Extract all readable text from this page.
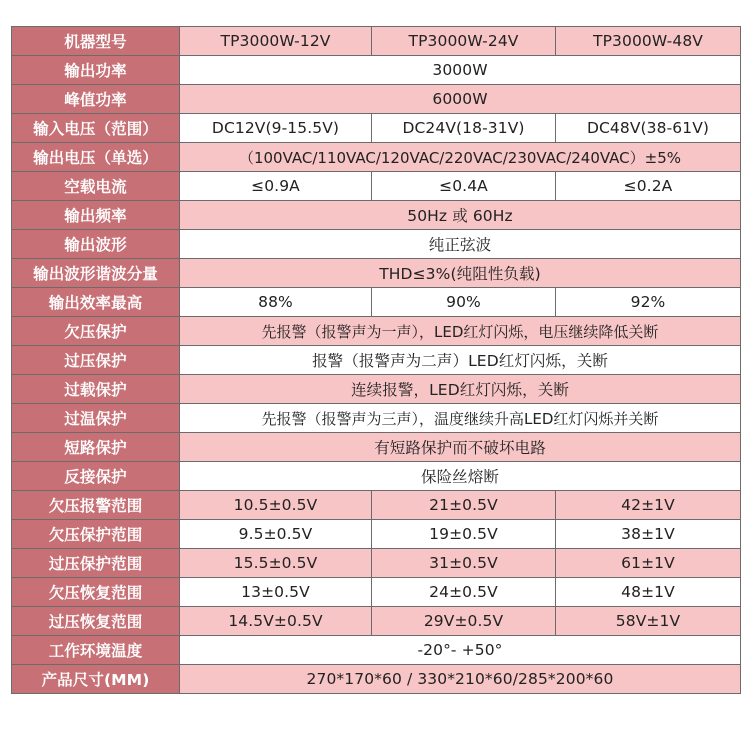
机器型号	TP3000W-12V	TP3000W-24V	TP3000W-48V
输出功率	3000W		
峰值功率	6000W		
输入电压（范围）	DC12V(9-15.5V)	DC24V(18-31V)	DC48V(38-61V)
输出电压（单选）	（100VAC/110VAC/120VAC/220VAC/230VAC/240VAC）±5%		
空载电流	≤0.9A	≤0.4A	≤0.2A
输出频率	50Hz 或 60Hz		
输出波形	纯正弦波		
输出波形谐波分量	THD≤3%(纯阻性负载)		
输出效率最高	88%	90%	92%
欠压保护	先报警（报警声为一声），LED红灯闪烁，电压继续降低关断		
过压保护	报警（报警声为二声）LED红灯闪烁，关断		
过载保护	连续报警，LED红灯闪烁，关断		
过温保护	先报警（报警声为三声），温度继续升高LED红灯闪烁并关断		
短路保护	有短路保护而不破坏电路		
反接保护	保险丝熔断		
欠压报警范围	10.5±0.5V	21±0.5V	42±1V
欠压保护范围	9.5±0.5V	19±0.5V	38±1V
过压保护范围	15.5±0.5V	31±0.5V	61±1V
欠压恢复范围	13±0.5V	24±0.5V	48±1V
过压恢复范围	14.5V±0.5V	29V±0.5V	58V±1V
工作环境温度	-20°- +50°		
产品尺寸(MM)	270*170*60 / 330*210*60/285*200*60		
